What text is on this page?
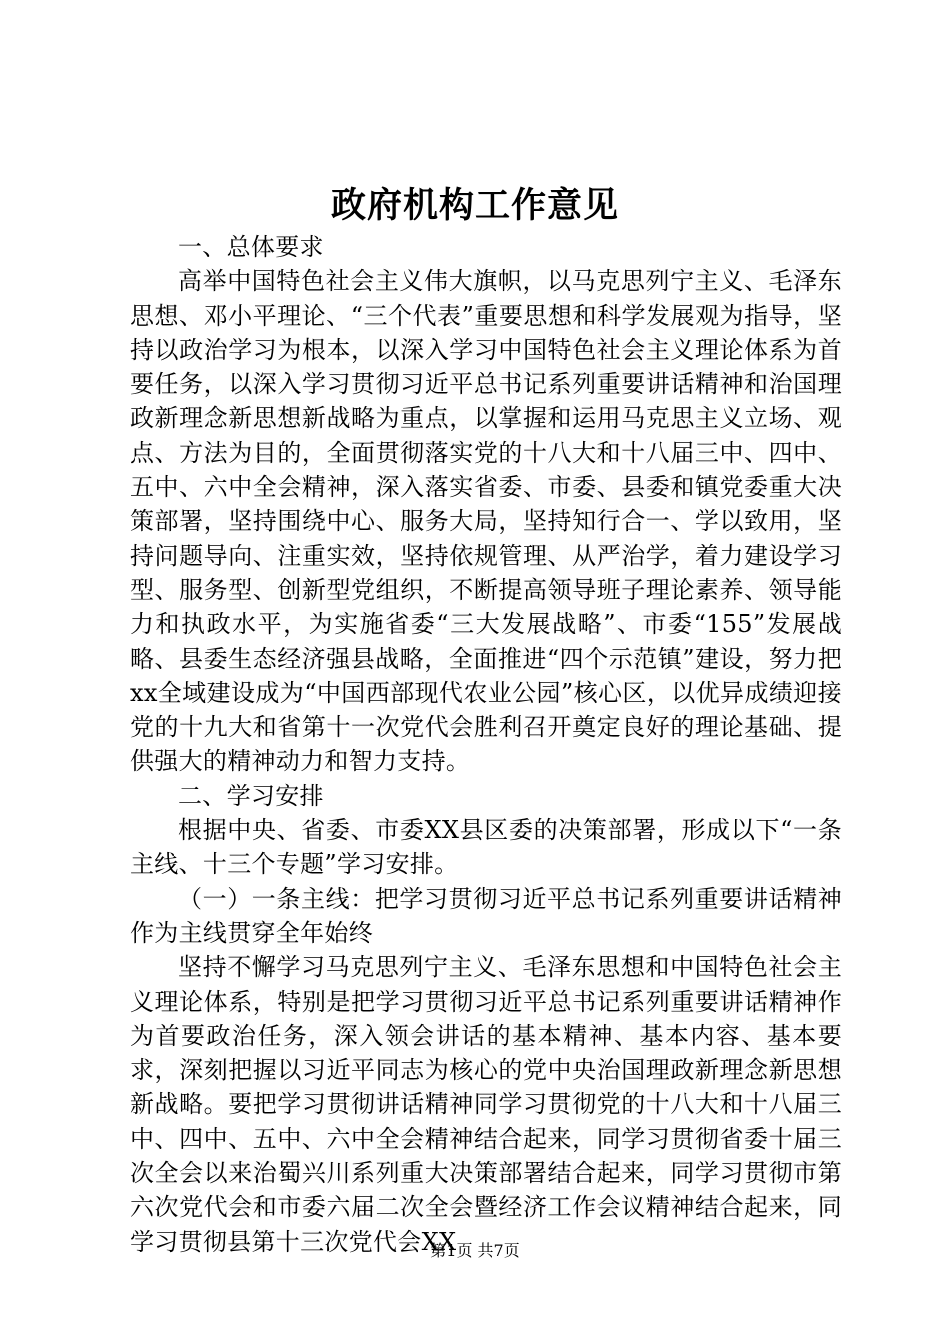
政府机构工作意见

一、总体要求

高举中国特色社会主义伟大旗帜，以马克思列宁主义、毛泽东思想、邓小平理论、“三个代表”重要思想和科学发展观为指导，坚持以政治学习为根本，以深入学习中国特色社会主义理论体系为首要任务，以深入学习贯彻习近平总书记系列重要讲话精神和治国理政新理念新思想新战略为重点，以掌握和运用马克思主义立场、观点、方法为目的，全面贯彻落实党的十八大和十八届三中、四中、五中、六中全会精神，深入落实省委、市委、县委和镇党委重大决策部署，坚持围绕中心、服务大局，坚持知行合一、学以致用，坚持问题导向、注重实效，坚持依规管理、从严治学，着力建设学习型、服务型、创新型党组织，不断提高领导班子理论素养、领导能力和执政水平，为实施省委“三大发展战略”、市委“155”发展战略、县委生态经济强县战略，全面推进“四个示范镇”建设，努力把xx全域建设成为“中国西部现代农业公园”核心区，以优异成绩迎接党的十九大和省第十一次党代会胜利召开奠定良好的理论基础、提供强大的精神动力和智力支持。

二、学习安排

根据中央、省委、市委XX县区委的决策部署，形成以下“一条主线、十三个专题”学习安排。

（一）一条主线：把学习贯彻习近平总书记系列重要讲话精神作为主线贯穿全年始终

坚持不懈学习马克思列宁主义、毛泽东思想和中国特色社会主义理论体系，特别是把学习贯彻习近平总书记系列重要讲话精神作为首要政治任务，深入领会讲话的基本精神、基本内容、基本要求，深刻把握以习近平同志为核心的党中央治国理政新理念新思想新战略。要把学习贯彻讲话精神同学习贯彻党的十八大和十八届三中、四中、五中、六中全会精神结合起来，同学习贯彻省委十届三次全会以来治蜀兴川系列重大决策部署结合起来，同学习贯彻市第六次党代会和市委六届二次全会暨经济工作会议精神结合起来，同学习贯彻县第十三次党代会XX

第1页 共7页
